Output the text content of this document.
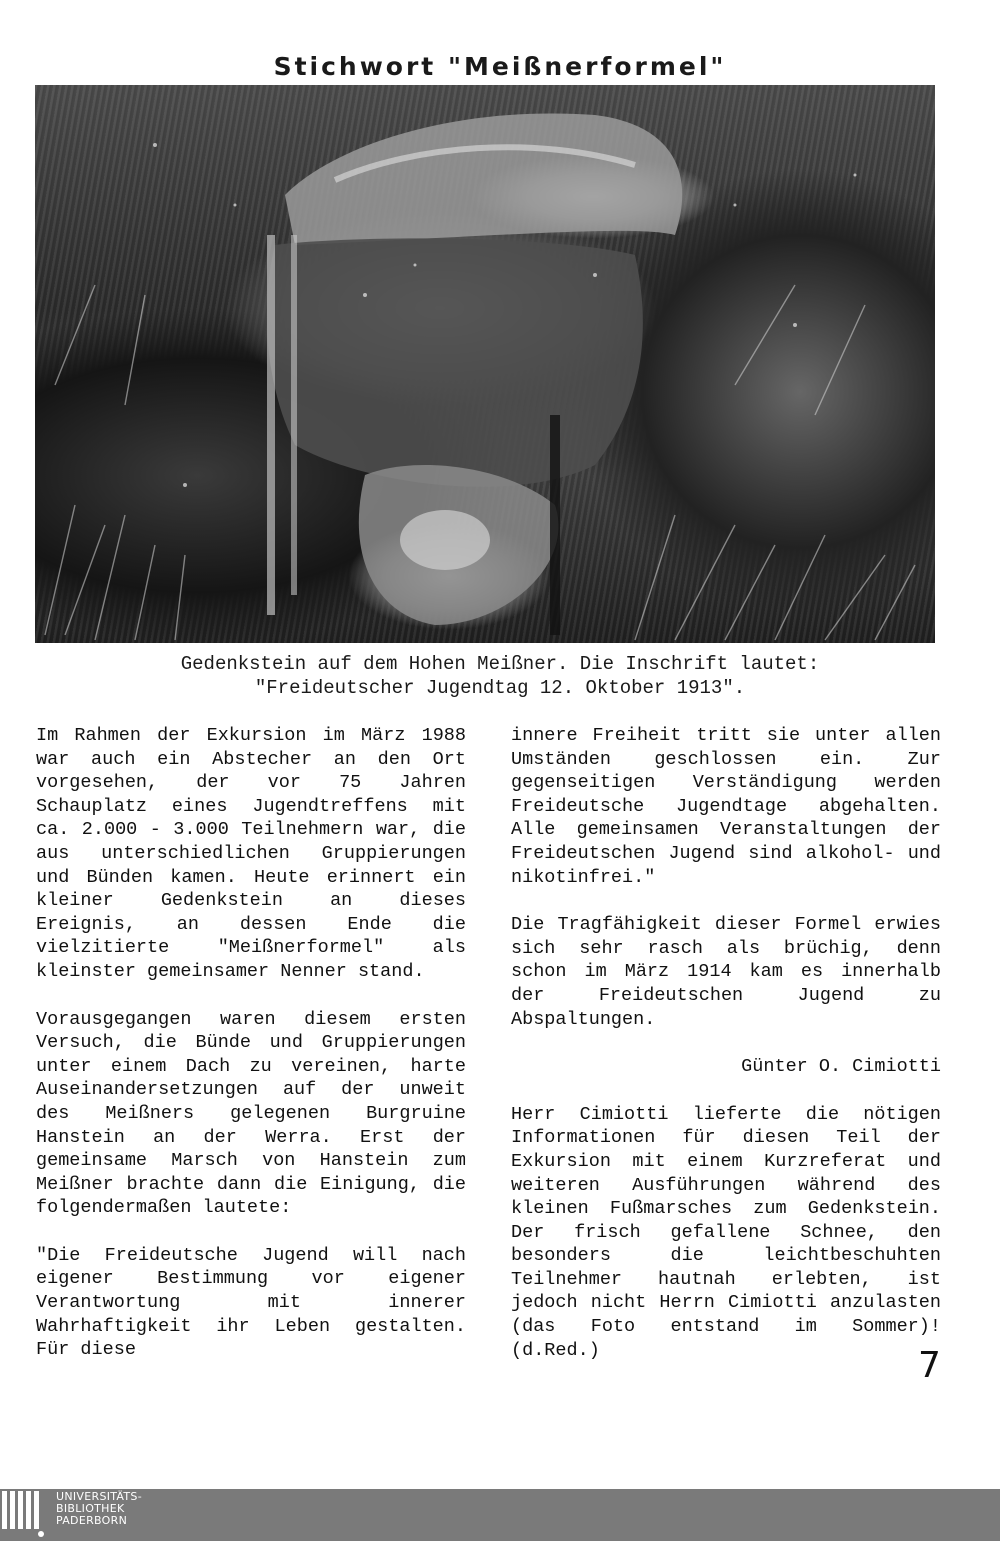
Stichwort "Meißnerformel"
Gedenkstein auf dem Hohen Meißner. Die Inschrift lautet:
"Freideutscher Jugendtag 12. Oktober 1913".

Im Rahmen der Exkursion im März 1988 war auch ein Abstecher an den Ort vorgesehen, der vor 75 Jahren Schauplatz eines Jugendtreffens mit ca. 2.000 - 3.000 Teilnehmern war, die aus unterschiedlichen Gruppierungen und Bünden kamen. Heute erinnert ein kleiner Gedenkstein an dieses Ereignis, an dessen Ende die vielzitierte "Meißnerformel" als kleinster gemeinsamer Nenner stand.

Vorausgegangen waren diesem ersten Versuch, die Bünde und Gruppierungen unter einem Dach zu vereinen, harte Auseinandersetzungen auf der unweit des Meißners gelegenen Burgruine Hanstein an der Werra. Erst der gemeinsame Marsch von Hanstein zum Meißner brachte dann die Einigung, die folgendermaßen lautete:

"Die Freideutsche Jugend will nach eigener Bestimmung vor eigener Verantwortung mit innerer Wahrhaftigkeit ihr Leben gestalten. Für diese

innere Freiheit tritt sie unter allen Umständen geschlossen ein. Zur gegenseitigen Verständigung werden Freideutsche Jugendtage abgehalten. Alle gemeinsamen Veranstaltungen der Freideutschen Jugend sind alkohol- und nikotinfrei."

Die Tragfähigkeit dieser Formel erwies sich sehr rasch als brüchig, denn schon im März 1914 kam es innerhalb der Freideutschen Jugend zu Abspaltungen.

Günter O. Cimiotti

Herr Cimiotti lieferte die nötigen Informationen für diesen Teil der Exkursion mit einem Kurzreferat und weiteren Ausführungen während des kleinen Fußmarsches zum Gedenkstein. Der frisch gefallene Schnee, den besonders die leichtbeschuhten Teilnehmer hautnah erlebten, ist jedoch nicht Herrn Cimiotti anzulasten (das Foto entstand im Sommer)! (d.Red.)	7
UNIVERSITÄTS-
BIBLIOTHEK
PADERBORN
